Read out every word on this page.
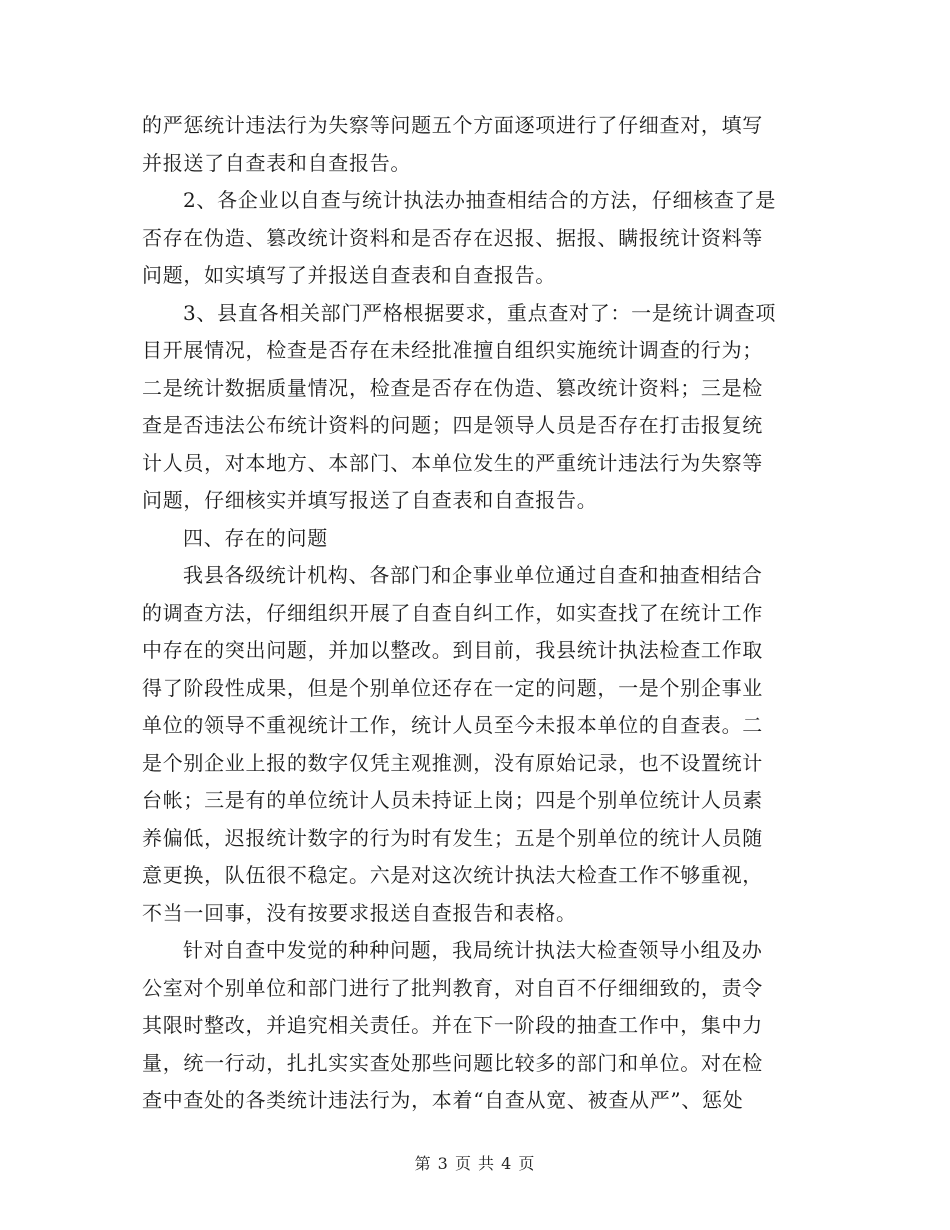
的严惩统计违法行为失察等问题五个方面逐项进行了仔细查对，填写
并报送了自查表和自查报告。
2、各企业以自查与统计执法办抽查相结合的方法，仔细核查了是
否存在伪造、篡改统计资料和是否存在迟报、据报、瞒报统计资料等
问题，如实填写了并报送自查表和自查报告。
3、县直各相关部门严格根据要求，重点查对了：一是统计调查项
目开展情况，检查是否存在未经批准擅自组织实施统计调查的行为；
二是统计数据质量情况，检查是否存在伪造、篡改统计资料；三是检
查是否违法公布统计资料的问题；四是领导人员是否存在打击报复统
计人员，对本地方、本部门、本单位发生的严重统计违法行为失察等
问题，仔细核实并填写报送了自查表和自查报告。
四、存在的问题
我县各级统计机构、各部门和企事业单位通过自查和抽查相结合
的调查方法，仔细组织开展了自查自纠工作，如实查找了在统计工作
中存在的突出问题，并加以整改。到目前，我县统计执法检查工作取
得了阶段性成果，但是个别单位还存在一定的问题，一是个别企事业
单位的领导不重视统计工作，统计人员至今未报本单位的自查表。二
是个别企业上报的数字仅凭主观推测，没有原始记录，也不设置统计
台帐；三是有的单位统计人员未持证上岗；四是个别单位统计人员素
养偏低，迟报统计数字的行为时有发生；五是个别单位的统计人员随
意更换，队伍很不稳定。六是对这次统计执法大检查工作不够重视，
不当一回事，没有按要求报送自查报告和表格。
针对自查中发觉的种种问题，我局统计执法大检查领导小组及办
公室对个别单位和部门进行了批判教育，对自百不仔细细致的，责令
其限时整改，并追究相关责任。并在下一阶段的抽查工作中，集中力
量，统一行动，扎扎实实查处那些问题比较多的部门和单位。对在检
查中查处的各类统计违法行为，本着“自查从宽、被查从严”、惩处
第 3 页 共 4 页
